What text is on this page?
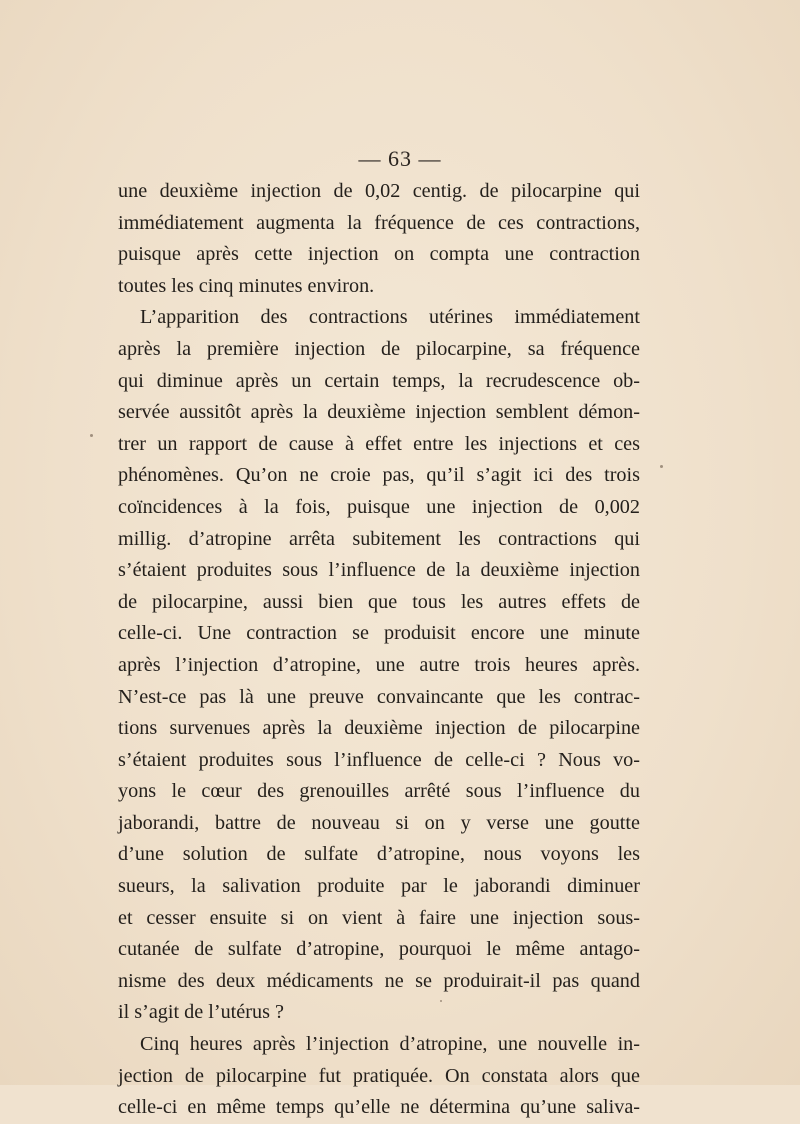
— 63 —
une deuxième injection de 0,02 centig. de pilocarpine qui
immédiatement augmenta la fréquence de ces contractions,
puisque après cette injection on compta une contraction
toutes les cinq minutes environ.
L’apparition des contractions utérines immédiatement
après la première injection de pilocarpine, sa fréquence
qui diminue après un certain temps, la recrudescence ob-
servée aussitôt après la deuxième injection semblent démon-
trer un rapport de cause à effet entre les injections et ces
phénomènes. Qu’on ne croie pas, qu’il s’agit ici des trois
coïncidences à la fois, puisque une injection de 0,002
millig. d’atropine arrêta subitement les contractions qui
s’étaient produites sous l’influence de la deuxième injection
de pilocarpine, aussi bien que tous les autres effets de
celle-ci. Une contraction se produisit encore une minute
après l’injection d’atropine, une autre trois heures après.
N’est-ce pas là une preuve convaincante que les contrac-
tions survenues après la deuxième injection de pilocarpine
s’étaient produites sous l’influence de celle-ci ? Nous vo-
yons le cœur des grenouilles arrêté sous l’influence du
jaborandi, battre de nouveau si on y verse une goutte
d’une solution de sulfate d’atropine, nous voyons les
sueurs, la salivation produite par le jaborandi diminuer
et cesser ensuite si on vient à faire une injection sous-
cutanée de sulfate d’atropine, pourquoi le même antago-
nisme des deux médicaments ne se produirait-il pas quand
il s’agit de l’utérus ?
Cinq heures après l’injection d’atropine, une nouvelle in-
jection de pilocarpine fut pratiquée. On constata alors que
celle-ci en même temps qu’elle ne détermina qu’une saliva-
